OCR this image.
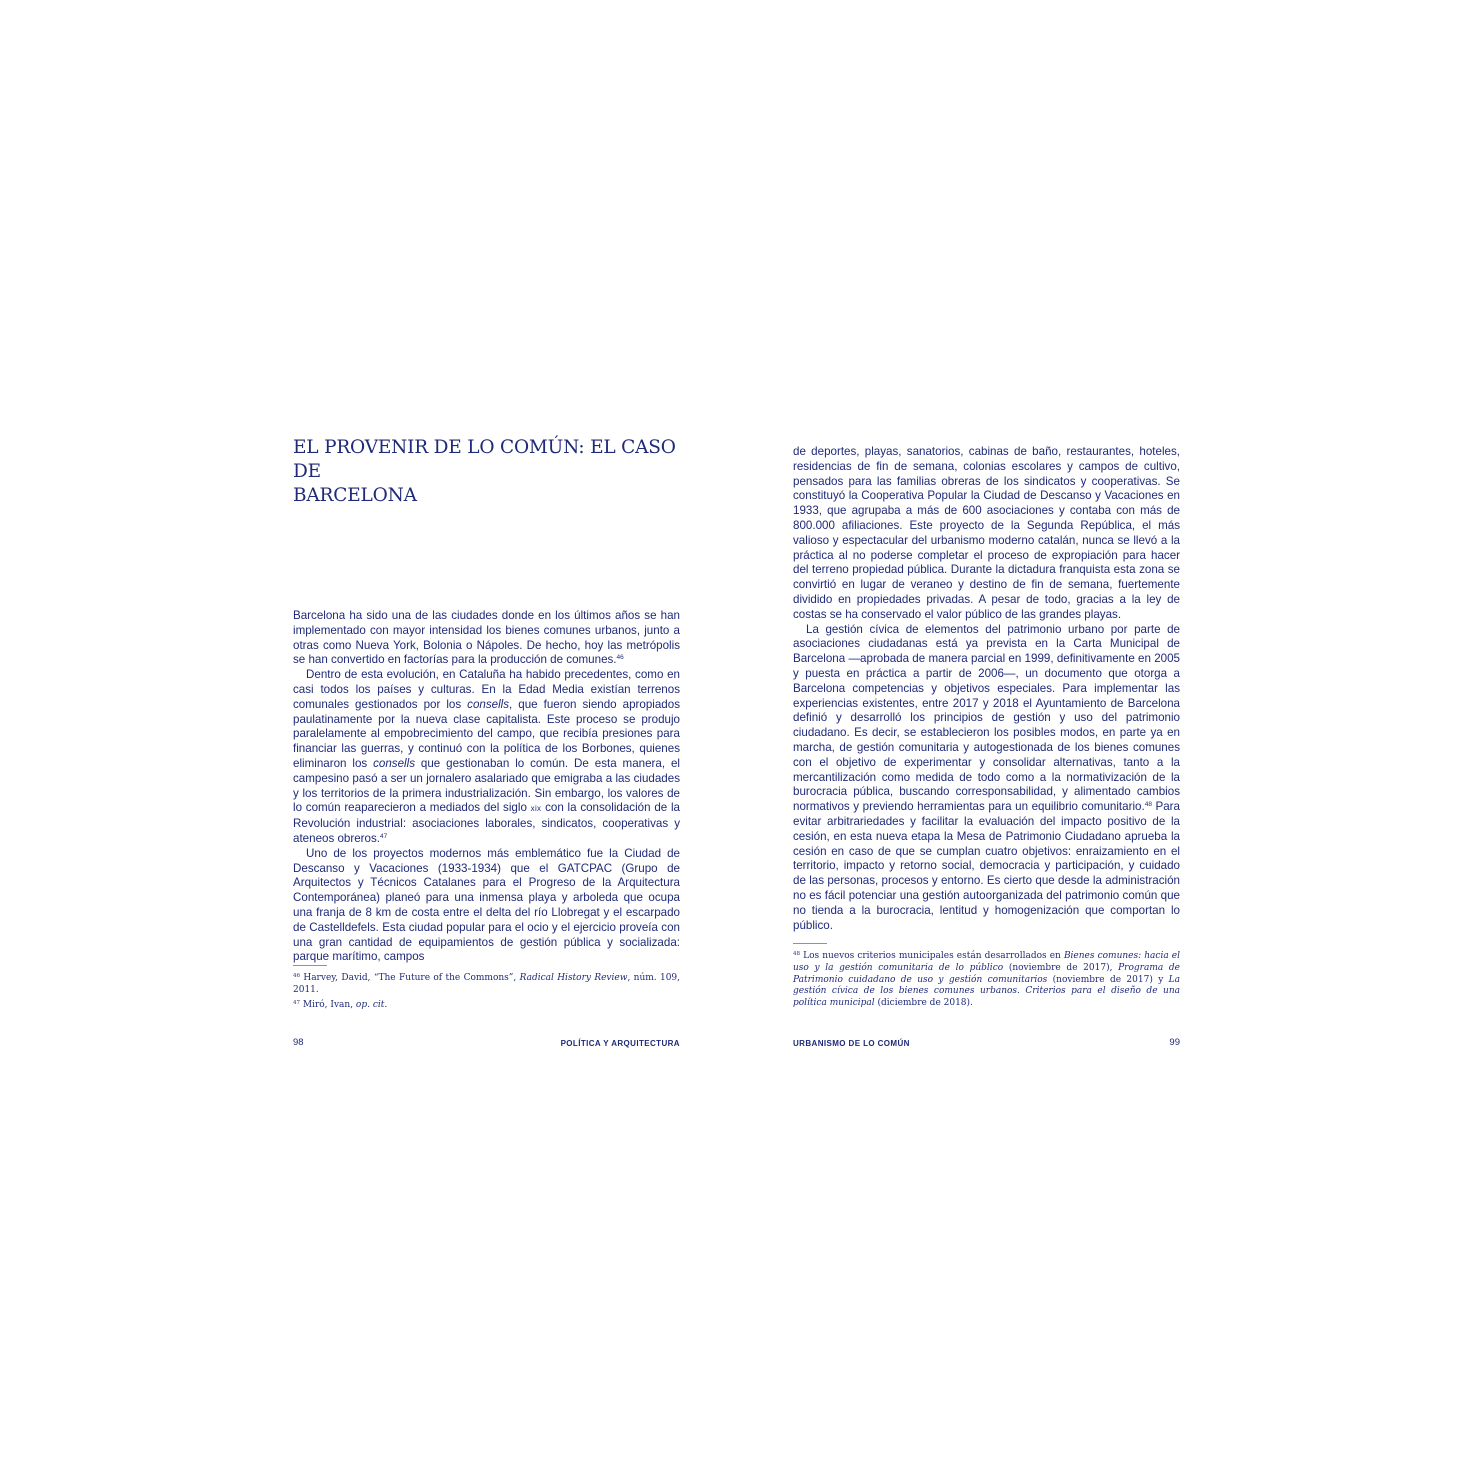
EL PROVENIR DE LO COMÚN: EL CASO DE
BARCELONA

Barcelona ha sido una de las ciudades donde en los últimos años se han implementado con mayor intensidad los bienes comunes urbanos, junto a otras como Nueva York, Bolonia o Nápoles. De hecho, hoy las metrópolis se han convertido en factorías para la producción de comunes.$^{46}$

Dentro de esta evolución, en Cataluña ha habido precedentes, como en casi todos los países y culturas. En la Edad Media existían terrenos comunales gestionados por los consells, que fueron siendo apropiados paulatinamente por la nueva clase capitalista. Este proceso se produjo paralelamente al empobrecimiento del campo, que recibía presiones para financiar las guerras, y continuó con la política de los Borbones, quienes eliminaron los consells que gestionaban lo común. De esta manera, el campesino pasó a ser un jornalero asalariado que emigraba a las ciudades y los territorios de la primera industrialización. Sin embargo, los valores de lo común reaparecieron a mediados del siglo xix con la consolidación de la Revolución industrial: asociaciones laborales, sindicatos, cooperativas y ateneos obreros.$^{47}$

Uno de los proyectos modernos más emblemático fue la Ciudad de Descanso y Vacaciones (1933-1934) que el GATCPAC (Grupo de Arquitectos y Técnicos Catalanes para el Progreso de la Arquitectura Contemporánea) planeó para una inmensa playa y arboleda que ocupa una franja de 8 km de costa entre el delta del río Llobregat y el escarpado de Castelldefels. Esta ciudad popular para el ocio y el ejercicio proveía con una gran cantidad de equipamientos de gestión pública y socializada: parque marítimo, campos

$^{46}$ Harvey, David, “The Future of the Commons”, Radical History Review, núm. 109, 2011.

$^{47}$ Miró, Ivan, op. cit.

98	POLÍTICA Y ARQUITECTURA

de deportes, playas, sanatorios, cabinas de baño, restaurantes, hoteles, residencias de fin de semana, colonias escolares y campos de cultivo, pensados para las familias obreras de los sindicatos y cooperativas. Se constituyó la Cooperativa Popular la Ciudad de Descanso y Vacaciones en 1933, que agrupaba a más de 600 asociaciones y contaba con más de 800.000 afiliaciones. Este proyecto de la Segunda República, el más valioso y espectacular del urbanismo moderno catalán, nunca se llevó a la práctica al no poderse completar el proceso de expropiación para hacer del terreno propiedad pública. Durante la dictadura franquista esta zona se convirtió en lugar de veraneo y destino de fin de semana, fuertemente dividido en propiedades privadas. A pesar de todo, gracias a la ley de costas se ha conservado el valor público de las grandes playas.

La gestión cívica de elementos del patrimonio urbano por parte de asociaciones ciudadanas está ya prevista en la Carta Municipal de Barcelona —aprobada de manera parcial en 1999, definitivamente en 2005 y puesta en práctica a partir de 2006—, un documento que otorga a Barcelona competencias y objetivos especiales. Para implementar las experiencias existentes, entre 2017 y 2018 el Ayuntamiento de Barcelona definió y desarrolló los principios de gestión y uso del patrimonio ciudadano. Es decir, se establecieron los posibles modos, en parte ya en marcha, de gestión comunitaria y autogestionada de los bienes comunes con el objetivo de experimentar y consolidar alternativas, tanto a la mercantilización como medida de todo como a la normativización de la burocracia pública, buscando corresponsabilidad, y alimentado cambios normativos y previendo herramientas para un equilibrio comunitario.$^{48}$ Para evitar arbitrariedades y facilitar la evaluación del impacto positivo de la cesión, en esta nueva etapa la Mesa de Patrimonio Ciudadano aprueba la cesión en caso de que se cumplan cuatro objetivos: enraizamiento en el territorio, impacto y retorno social, democracia y participación, y cuidado de las personas, procesos y entorno. Es cierto que desde la administración no es fácil potenciar una gestión autoorganizada del patrimonio común que no tienda a la burocracia, lentitud y homogenización que comportan lo público.

$^{48}$ Los nuevos criterios municipales están desarrollados en Bienes comunes: hacia el uso y la gestión comunitaria de lo público (noviembre de 2017), Programa de Patrimonio cuidadano de uso y gestión comunitarios (noviembre de 2017) y La gestión cívica de los bienes comunes urbanos. Criterios para el diseño de una política municipal (diciembre de 2018).

URBANISMO DE LO COMÚN	99
